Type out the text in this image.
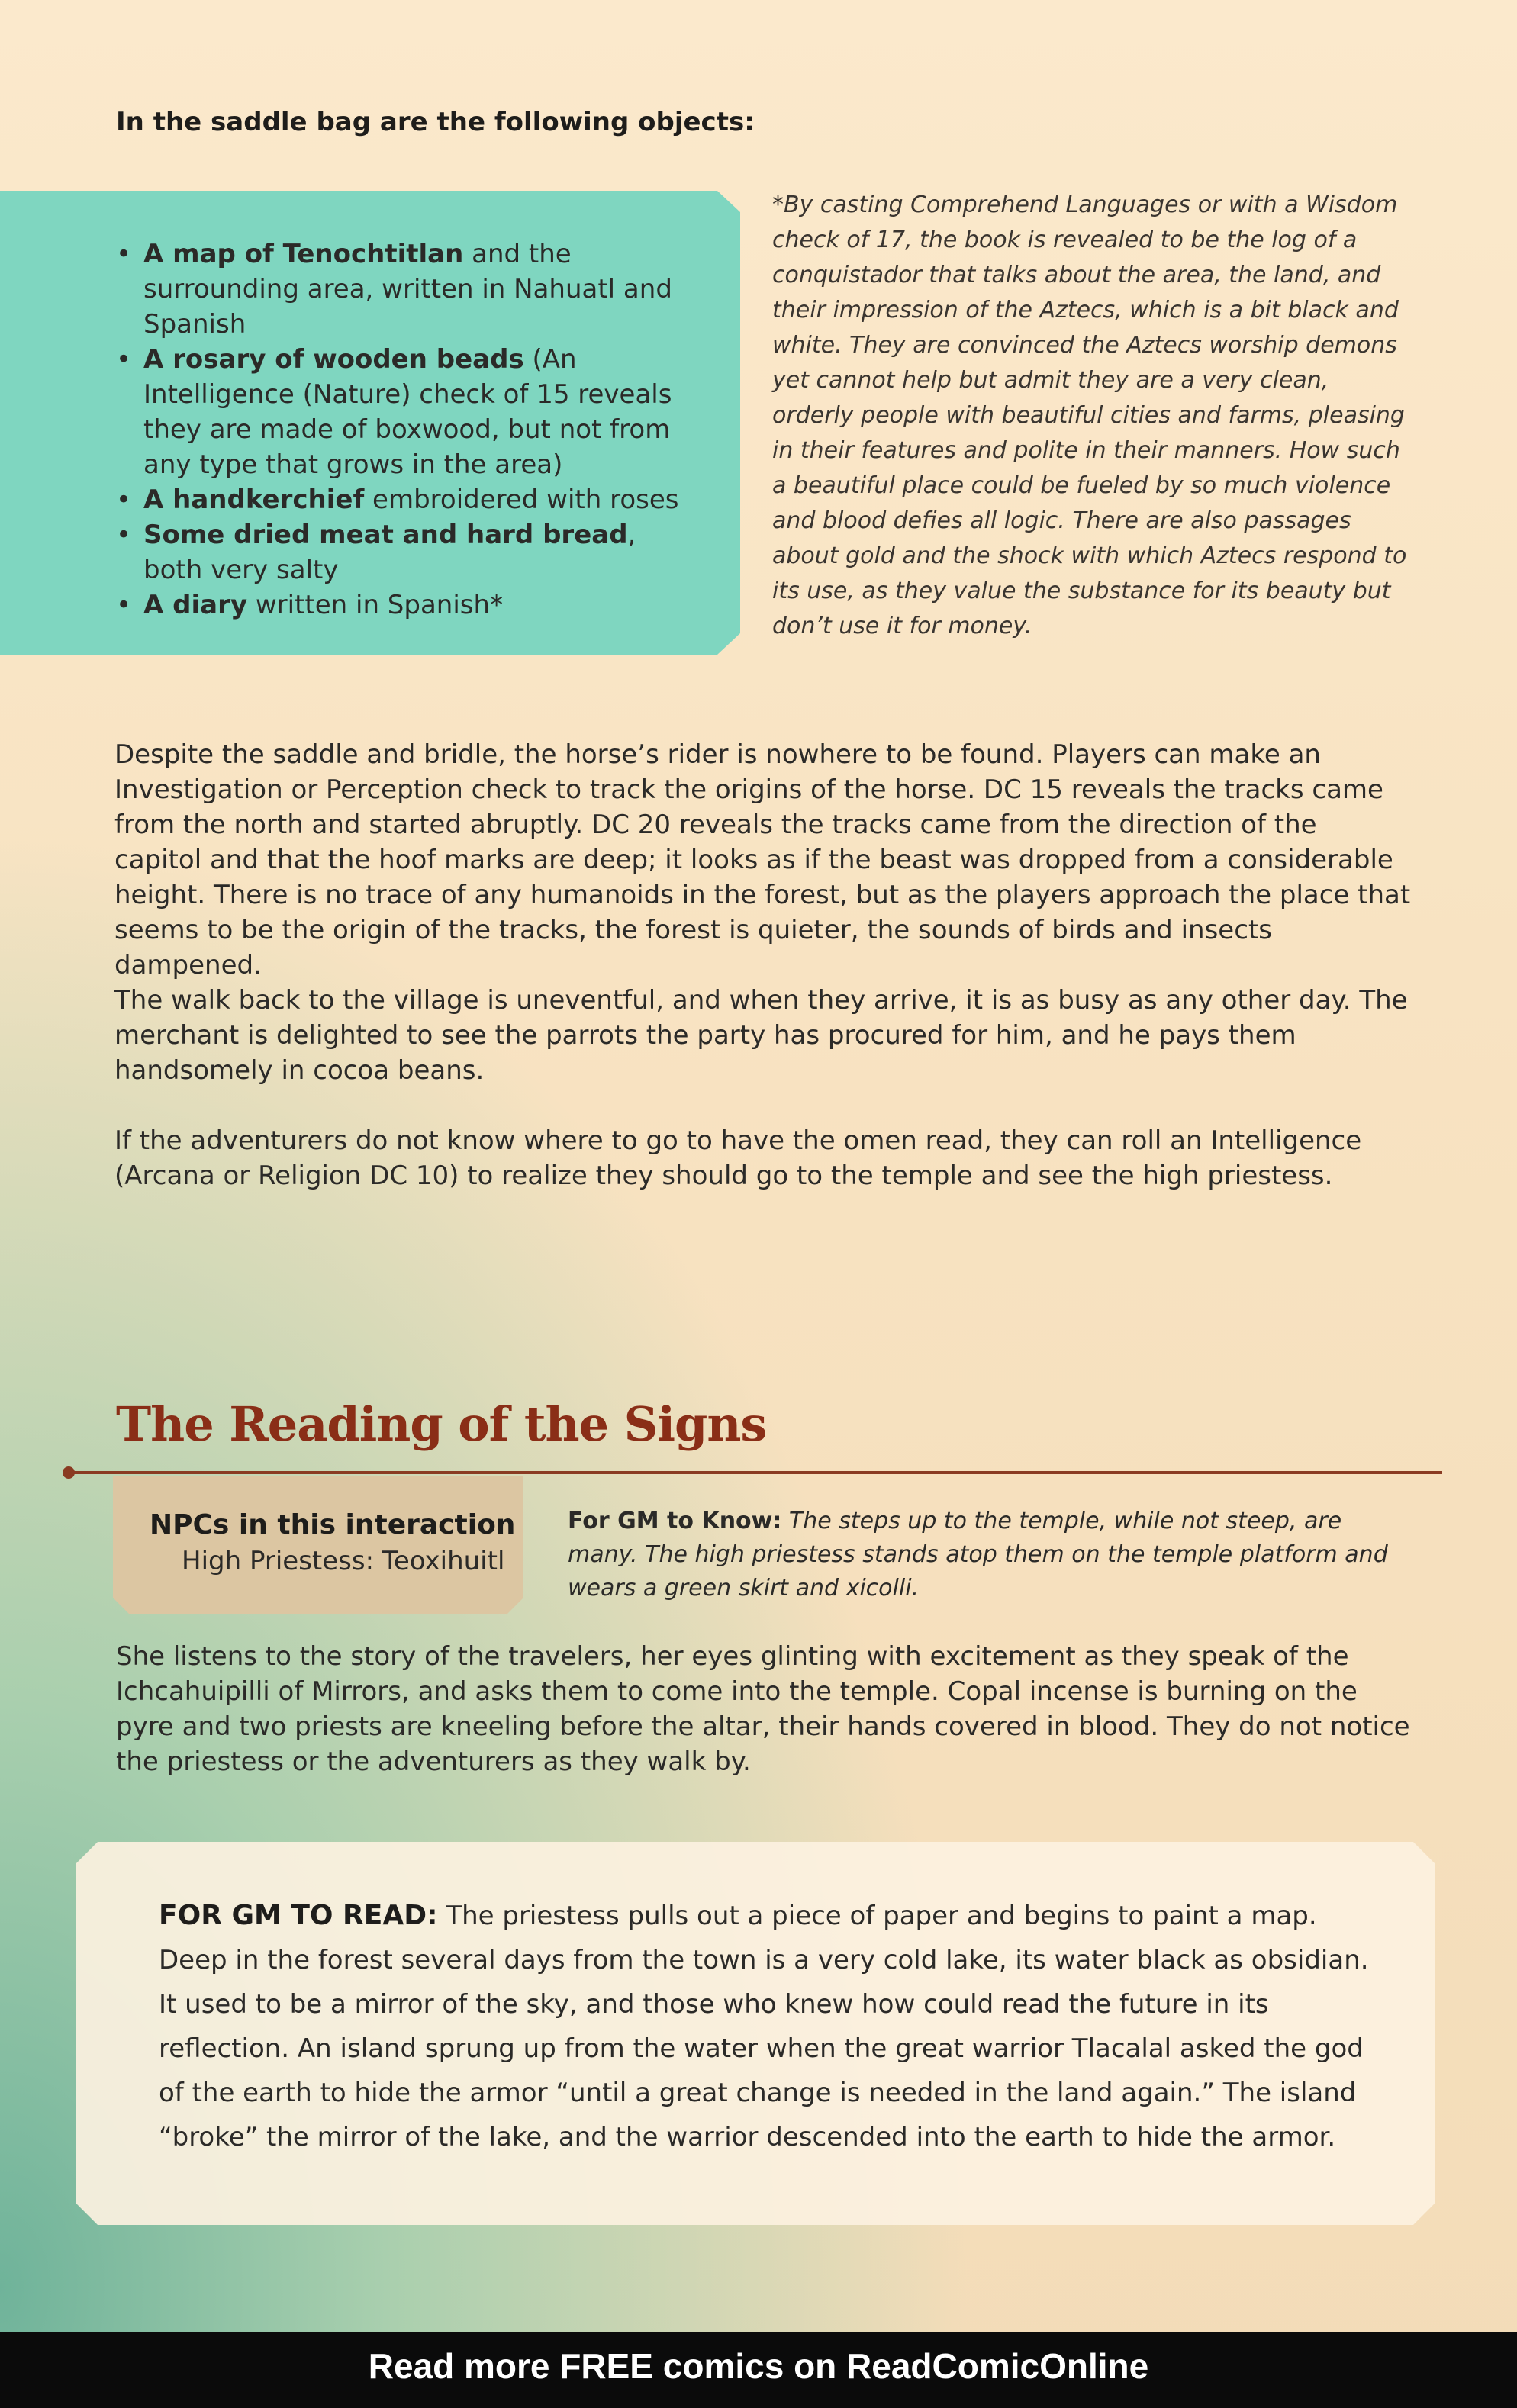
In the saddle bag are the following objects:
• A map of Tenochtitlan and the surrounding area, written in Nahuatl and Spanish
• A rosary of wooden beads (An Intelligence (Nature) check of 15 reveals they are made of boxwood, but not from any type that grows in the area)
• A handkerchief embroidered with roses
• Some dried meat and hard bread, both very salty
• A diary written in Spanish*
*By casting Comprehend Languages or with a Wisdom check of 17, the book is revealed to be the log of a conquistador that talks about the area, the land, and their impression of the Aztecs, which is a bit black and white. They are convinced the Aztecs worship demons yet cannot help but admit they are a very clean, orderly people with beautiful cities and farms, pleasing in their features and polite in their manners. How such a beautiful place could be fueled by so much violence and blood defies all logic. There are also passages about gold and the shock with which Aztecs respond to its use, as they value the substance for its beauty but don’t use it for money.

Despite the saddle and bridle, the horse’s rider is nowhere to be found. Players can make an Investigation or Perception check to track the origins of the horse. DC 15 reveals the tracks came from the north and started abruptly. DC 20 reveals the tracks came from the direction of the capitol and that the hoof marks are deep; it looks as if the beast was dropped from a considerable height. There is no trace of any humanoids in the forest, but as the players approach the place that seems to be the origin of the tracks, the forest is quieter, the sounds of birds and insects dampened.

The walk back to the village is uneventful, and when they arrive, it is as busy as any other day. The merchant is delighted to see the parrots the party has procured for him, and he pays them handsomely in cocoa beans.

If the adventurers do not know where to go to have the omen read, they can roll an Intelligence (Arcana or Religion DC 10) to realize they should go to the temple and see the high priestess.

The Reading of the Signs
NPCs in this interaction
High Priestess: Teoxihuitl
For GM to Know: The steps up to the temple, while not steep, are many. The high priestess stands atop them on the temple platform and wears a green skirt and xicolli.

She listens to the story of the travelers, her eyes glinting with excitement as they speak of the Ichcahuipilli of Mirrors, and asks them to come into the temple. Copal incense is burning on the pyre and two priests are kneeling before the altar, their hands covered in blood. They do not notice the priestess or the adventurers as they walk by.

FOR GM TO READ: The priestess pulls out a piece of paper and begins to paint a map. Deep in the forest several days from the town is a very cold lake, its water black as obsidian. It used to be a mirror of the sky, and those who knew how could read the future in its reflection. An island sprung up from the water when the great warrior Tlacalal asked the god of the earth to hide the armor “until a great change is needed in the land again.” The island “broke” the mirror of the lake, and the warrior descended into the earth to hide the armor.
Read more FREE comics on ReadComicOnline
